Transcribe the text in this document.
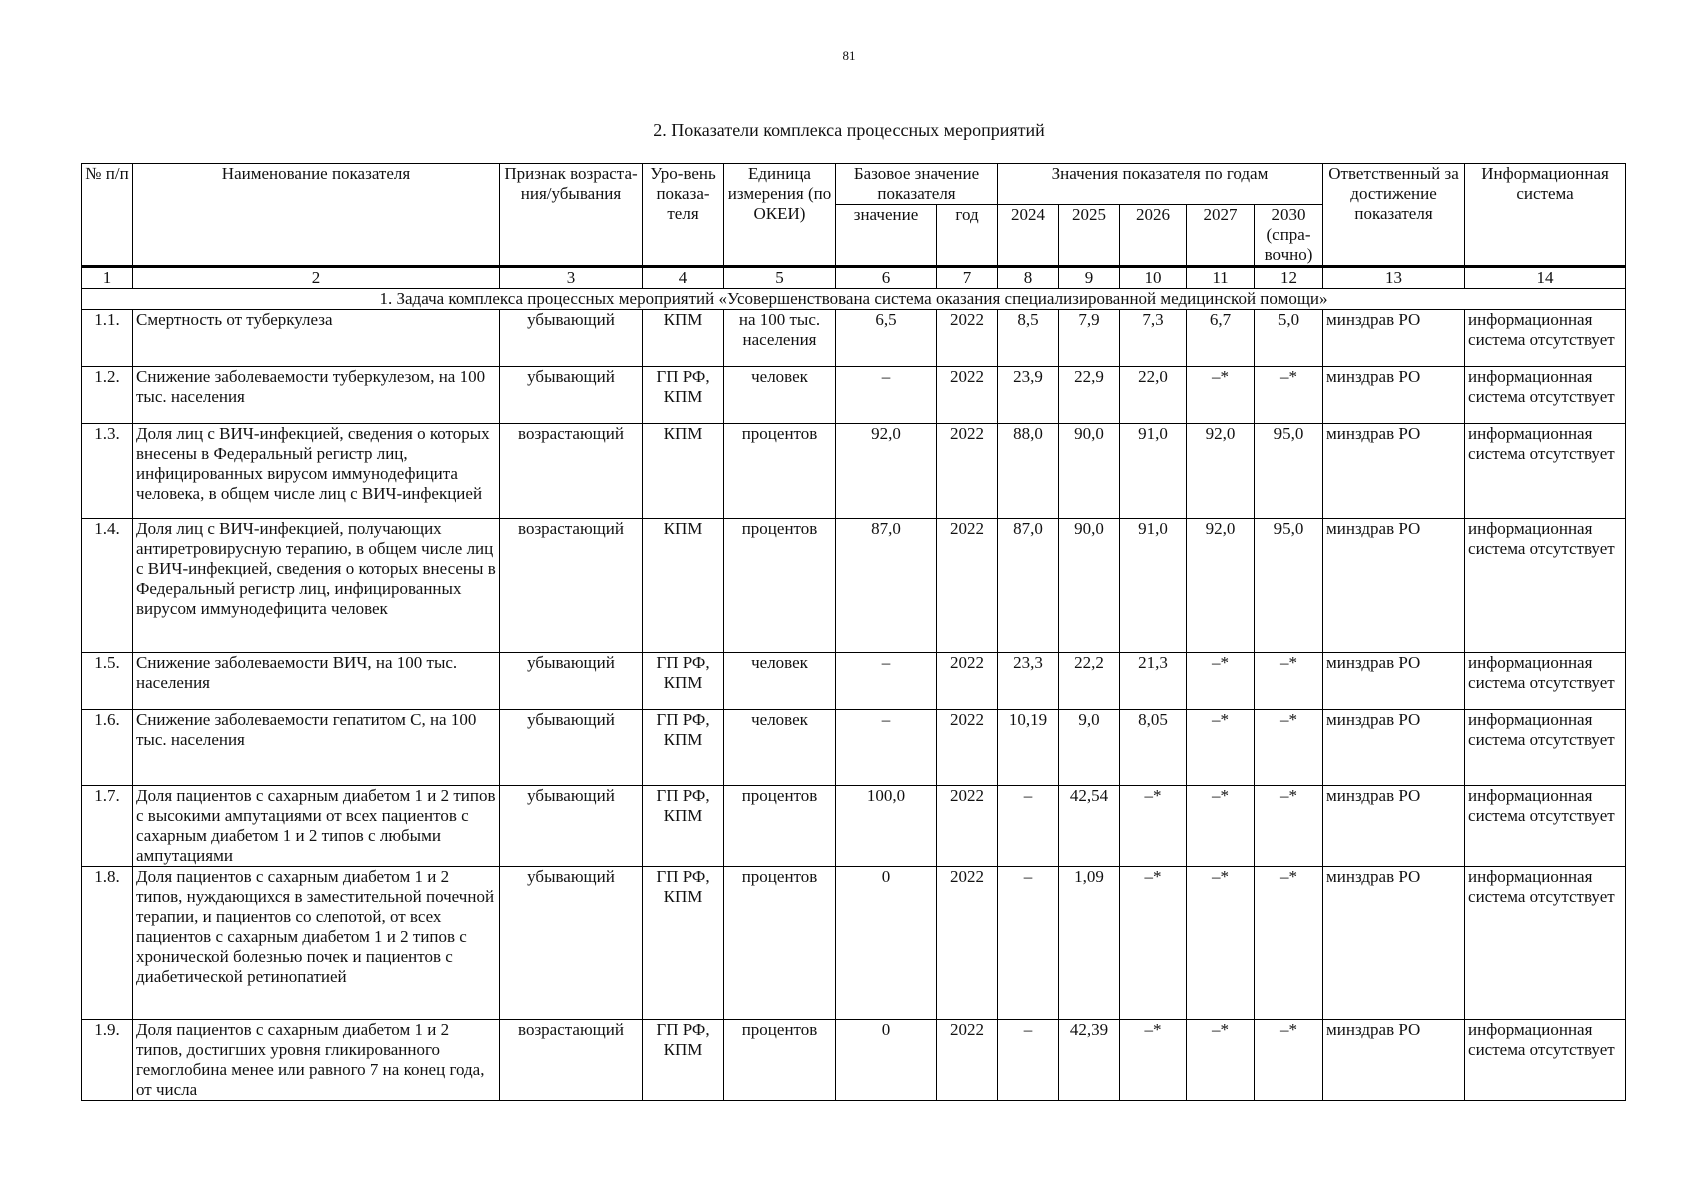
81
2. Показатели комплекса процессных мероприятий
№ п/п	Наименование показателя	Признак возраста-ния/убывания	Уро-вень показа-теля	Единица измерения (по ОКЕИ)	Базовое значение показателя		Значения показателя по годам					Ответственный за достижение показателя	Информационная система
					значение	год	2024	2025	2026	2027	2030 (спра-вочно)		
1	2	3	4	5	6	7	8	9	10	11	12	13	14
1. Задача комплекса процессных мероприятий «Усовершенствована система оказания специализированной медицинской помощи»													
1.1.	Смертность от туберкулеза	убывающий	КПМ	на 100 тыс. населения	6,5	2022	8,5	7,9	7,3	6,7	5,0	минздрав РО	информационная система отсутствует
1.2.	Снижение заболеваемости туберкулезом, на 100 тыс. населения	убывающий	ГП РФ, КПМ	человек	–	2022	23,9	22,9	22,0	–*	–*	минздрав РО	информационная система отсутствует
1.3.	Доля лиц с ВИЧ-инфекцией, сведения о которых внесены в Федеральный регистр лиц, инфицированных вирусом иммунодефицита человека, в общем числе лиц с ВИЧ-инфекцией	возрастающий	КПМ	процентов	92,0	2022	88,0	90,0	91,0	92,0	95,0	минздрав РО	информационная система отсутствует
1.4.	Доля лиц с ВИЧ-инфекцией, получающих антиретровирусную терапию, в общем числе лиц с ВИЧ-инфекцией, сведения о которых внесены в Федеральный регистр лиц, инфицированных вирусом иммунодефицита человек	возрастающий	КПМ	процентов	87,0	2022	87,0	90,0	91,0	92,0	95,0	минздрав РО	информационная система отсутствует
1.5.	Снижение заболеваемости ВИЧ, на 100 тыс. населения	убывающий	ГП РФ, КПМ	человек	–	2022	23,3	22,2	21,3	–*	–*	минздрав РО	информационная система отсутствует
1.6.	Снижение заболеваемости гепатитом С, на 100 тыс. населения	убывающий	ГП РФ, КПМ	человек	–	2022	10,19	9,0	8,05	–*	–*	минздрав РО	информационная система отсутствует
1.7.	Доля пациентов с сахарным диабетом 1 и 2 типов с высокими ампутациями от всех пациентов с сахарным диабетом 1 и 2 типов с любыми ампутациями	убывающий	ГП РФ, КПМ	процентов	100,0	2022	–	42,54	–*	–*	–*	минздрав РО	информационная система отсутствует
1.8.	Доля пациентов с сахарным диабетом 1 и 2 типов, нуждающихся в заместительной почечной терапии, и пациентов со слепотой, от всех пациентов с сахарным диабетом 1 и 2 типов с хронической болезнью почек и пациентов с диабетической ретинопатией	убывающий	ГП РФ, КПМ	процентов	0	2022	–	1,09	–*	–*	–*	минздрав РО	информационная система отсутствует
1.9.	Доля пациентов с сахарным диабетом 1 и 2 типов, достигших уровня гликированного гемоглобина менее или равного 7 на конец года, от числа	возрастающий	ГП РФ, КПМ	процентов	0	2022	–	42,39	–*	–*	–*	минздрав РО	информационная система отсутствует
